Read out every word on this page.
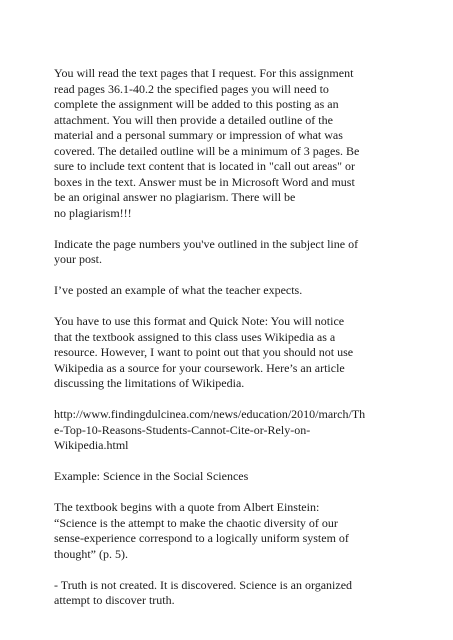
You will read the text pages that I request. For this assignment
read pages 36.1-40.2 the specified pages you will need to
complete the assignment will be added to this posting as an
attachment. You will then provide a detailed outline of the
material and a personal summary or impression of what was
covered. The detailed outline will be a minimum of 3 pages. Be
sure to include text content that is located in "call out areas" or
boxes in the text. Answer must be in Microsoft Word and must
be an original answer no plagiarism. There will be
no plagiarism!!!

Indicate the page numbers you've outlined in the subject line of
your post.

I’ve posted an example of what the teacher expects.

You have to use this format and Quick Note: You will notice
that the textbook assigned to this class uses Wikipedia as a
resource. However, I want to point out that you should not use
Wikipedia as a source for your coursework. Here’s an article
discussing the limitations of Wikipedia.

http://www.findingdulcinea.com/news/education/2010/march/Th
e-Top-10-Reasons-Students-Cannot-Cite-or-Rely-on-
Wikipedia.html

Example: Science in the Social Sciences

The textbook begins with a quote from Albert Einstein:
“Science is the attempt to make the chaotic diversity of our
sense-experience correspond to a logically uniform system of
thought” (p. 5).

- Truth is not created. It is discovered. Science is an organized
attempt to discover truth.
